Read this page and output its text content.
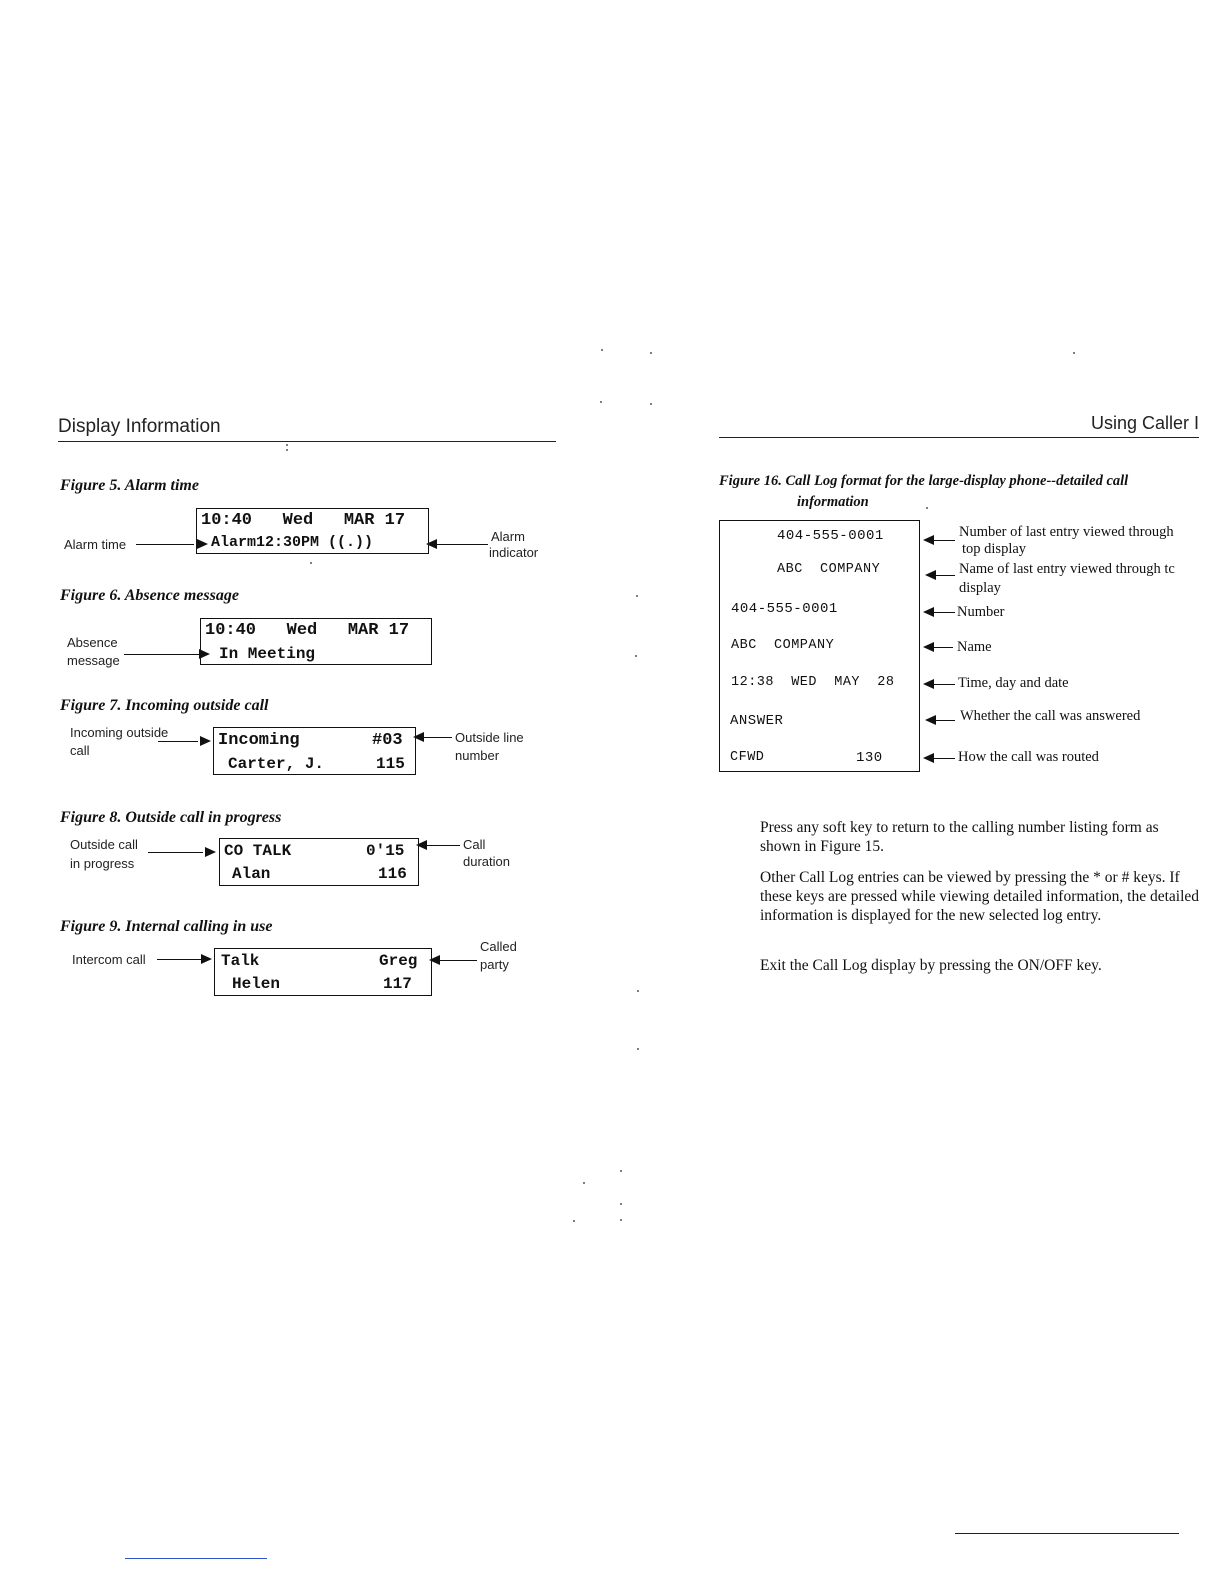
Display Information
Figure 5. Alarm time
10:40   Wed   MAR 17
Alarm12:30PM ((.))
Alarm time
Alarm
indicator
Figure 6. Absence message
10:40   Wed   MAR 17
In Meeting
Absence
message
Figure 7. Incoming outside call
Incoming	#03
Carter, J.	115
Incoming outside
call
Outside line
number
Figure 8. Outside call in progress
CO TALK	0'15
Alan	116
Outside call
in progress
Call
duration
Figure 9. Internal calling in use
Talk	Greg
Helen	117
Intercom call
Called
party
Using Caller I
Figure 16. Call Log format for the large-display phone--detailed call
information
404-555-0001
ABC  COMPANY
404-555-0001
ABC  COMPANY
12:38  WED  MAY  28
ANSWER
CFWD	130
Number of last entry viewed through
top display
Name of last entry viewed through tc
display
Number
Name
Time, day and date
Whether the call was answered
How the call was routed
Press any soft key to return to the calling number listing form as shown in Figure 15.
Other Call Log entries can be viewed by pressing the * or # keys. If these keys are pressed while viewing detailed information, the detailed information is displayed for the new selected log entry.
Exit the Call Log display by pressing the ON/OFF key.
